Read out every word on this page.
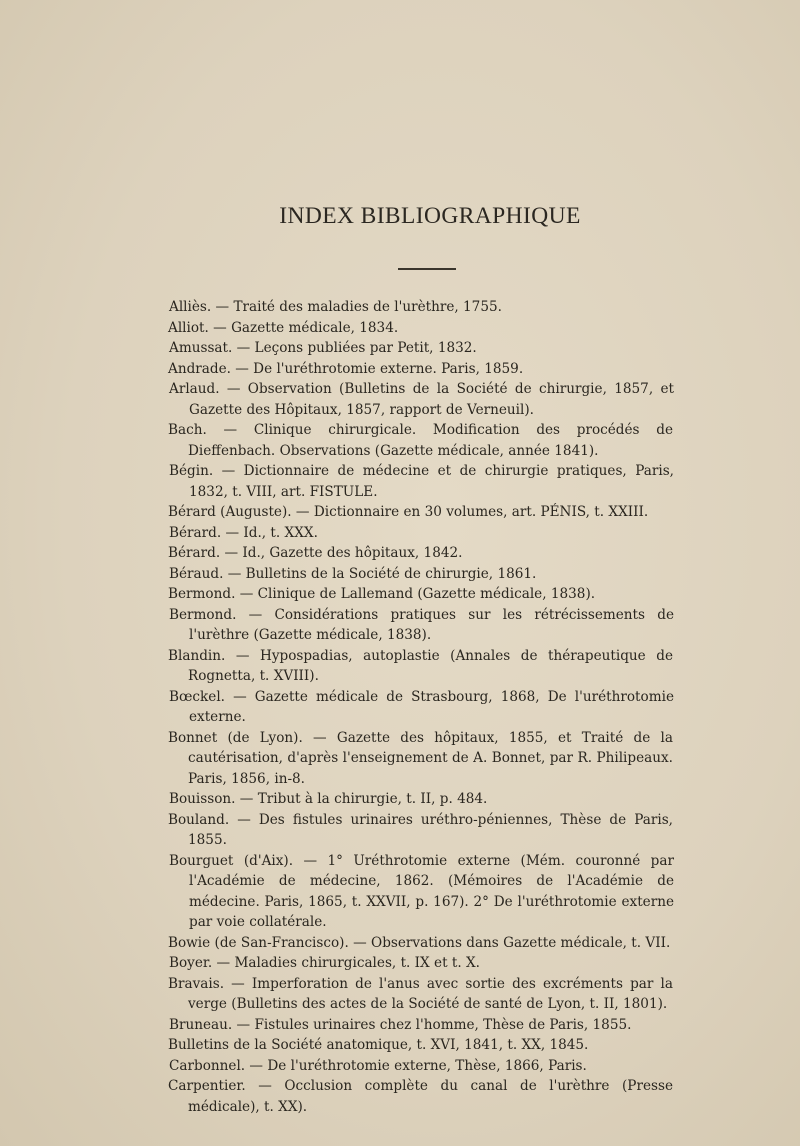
INDEX BIBLIOGRAPHIQUE
Alliès. — Traité des maladies de l'urèthre, 1755.
Alliot. — Gazette médicale, 1834.
Amussat. — Leçons publiées par Petit, 1832.
Andrade. — De l'uréthrotomie externe. Paris, 1859.
Arlaud. — Observation (Bulletins de la Société de chirurgie, 1857, et Gazette des Hôpitaux, 1857, rapport de Verneuil).
Bach. — Clinique chirurgicale. Modification des procédés de Dieffenbach. Observations (Gazette médicale, année 1841).
Bégin. — Dictionnaire de médecine et de chirurgie pratiques, Paris, 1832, t. VIII, art. FISTULE.
Bérard (Auguste). — Dictionnaire en 30 volumes, art. PÉNIS, t. XXIII.
Bérard. — Id., t. XXX.
Bérard. — Id., Gazette des hôpitaux, 1842.
Béraud. — Bulletins de la Société de chirurgie, 1861.
Bermond. — Clinique de Lallemand (Gazette médicale, 1838).
Bermond. — Considérations pratiques sur les rétrécissements de l'urèthre (Gazette médicale, 1838).
Blandin. — Hypospadias, autoplastie (Annales de thérapeutique de Rognetta, t. XVIII).
Bœckel. — Gazette médicale de Strasbourg, 1868, De l'uréthrotomie externe.
Bonnet (de Lyon). — Gazette des hôpitaux, 1855, et Traité de la cautérisation, d'après l'enseignement de A. Bonnet, par R. Philipeaux. Paris, 1856, in-8.
Bouisson. — Tribut à la chirurgie, t. II, p. 484.
Bouland. — Des fistules urinaires uréthro-péniennes, Thèse de Paris, 1855.
Bourguet (d'Aix). — 1° Uréthrotomie externe (Mém. couronné par l'Académie de médecine, 1862. (Mémoires de l'Académie de médecine. Paris, 1865, t. XXVII, p. 167). 2° De l'uréthrotomie externe par voie collatérale.
Bowie (de San-Francisco). — Observations dans Gazette médicale, t. VII.
Boyer. — Maladies chirurgicales, t. IX et t. X.
Bravais. — Imperforation de l'anus avec sortie des excréments par la verge (Bulletins des actes de la Société de santé de Lyon, t. II, 1801).
Bruneau. — Fistules urinaires chez l'homme, Thèse de Paris, 1855.
Bulletins de la Société anatomique, t. XVI, 1841, t. XX, 1845.
Carbonnel. — De l'uréthrotomie externe, Thèse, 1866, Paris.
Carpentier. — Occlusion complète du canal de l'urèthre (Presse médicale), t. XX).
